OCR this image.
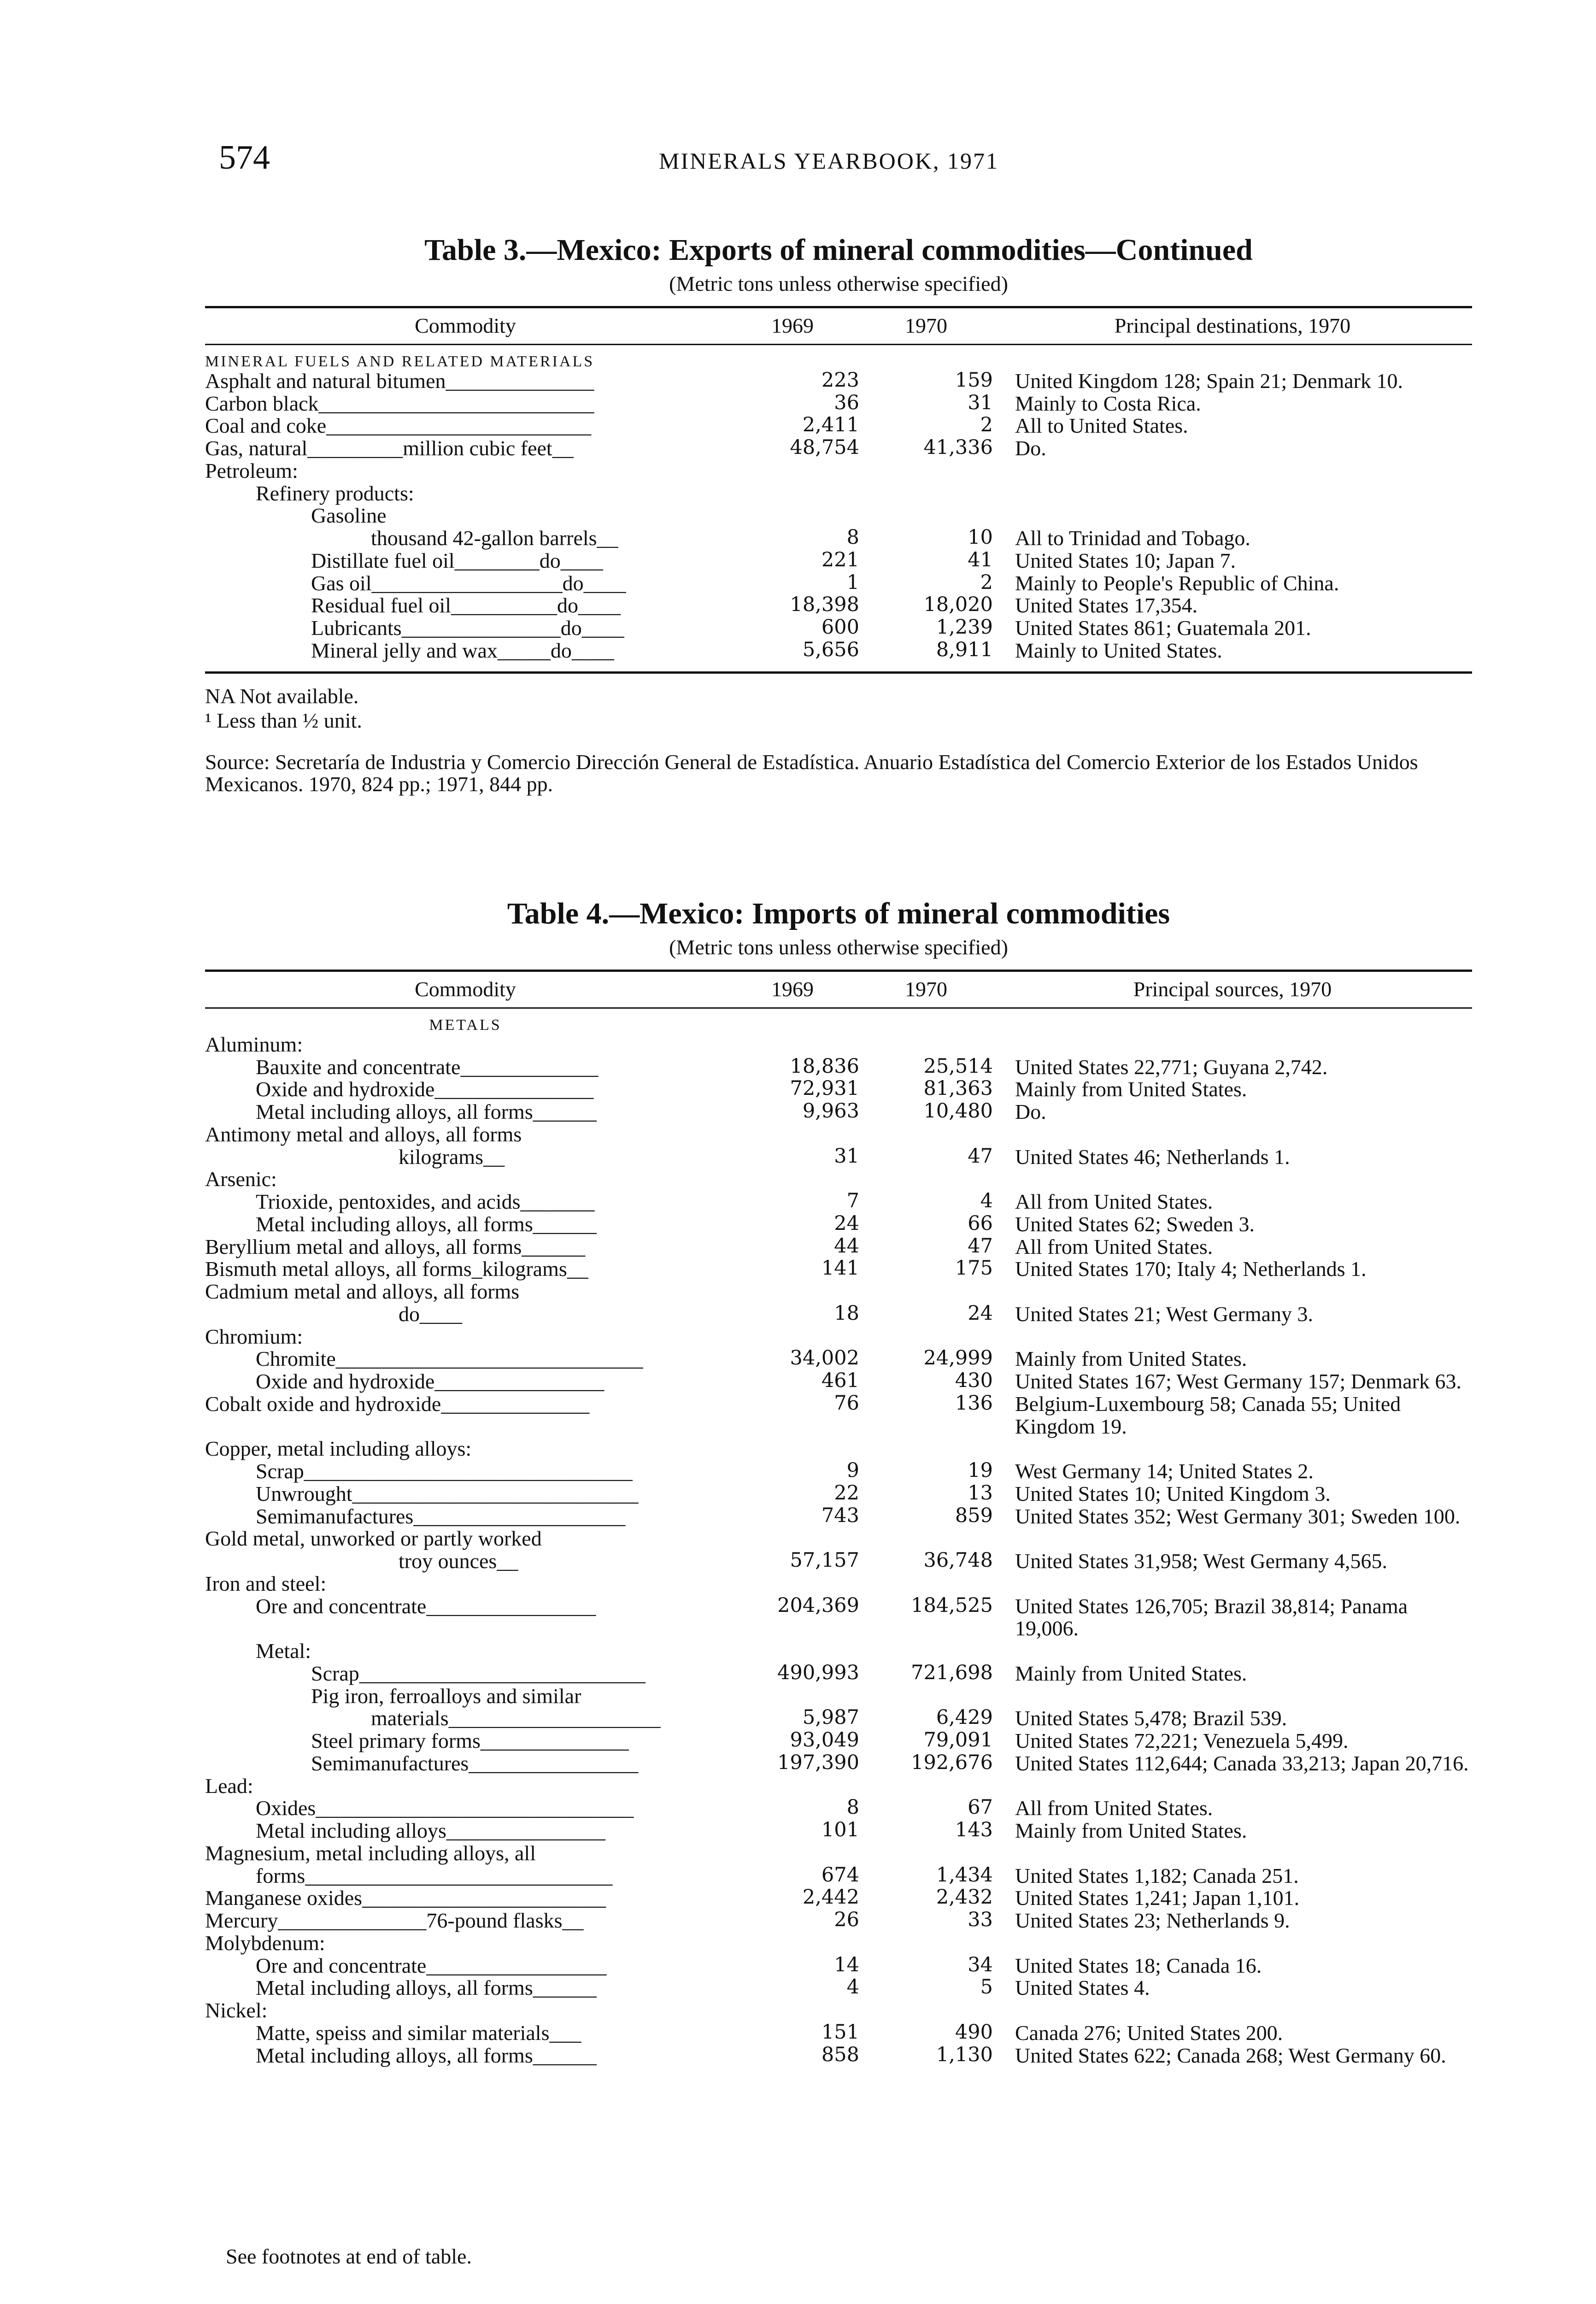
574	MINERALS YEARBOOK, 1971
Table 3.—Mexico: Exports of mineral commodities—Continued
(Metric tons unless otherwise specified)
Commodity	1969	1970	Principal destinations, 1970

MINERAL FUELS AND RELATED MATERIALS			
Asphalt and natural bitumen______________	223	159	United Kingdom 128; Spain 21; Denmark 10.
Carbon black__________________________	36	31	Mainly to Costa Rica.
Coal and coke_________________________	2,411	2	All to United States.
Gas, natural_________million cubic feet__	48,754	41,336	Do.
Petroleum:			
Refinery products:			
Gasoline			
thousand 42-gallon barrels__	8	10	All to Trinidad and Tobago.
Distillate fuel oil________do____	221	41	United States 10; Japan 7.
Gas oil__________________do____	1	2	Mainly to People's Republic of China.
Residual fuel oil__________do____	18,398	18,020	United States 17,354.
Lubricants_______________do____	600	1,239	United States 861; Guatemala 201.
Mineral jelly and wax_____do____	5,656	8,911	Mainly to United States.
NA Not available.
¹ Less than ½ unit.
Source: Secretaría de Industria y Comercio Dirección General de Estadística. Anuario Estadística del Comercio Exterior de los Estados Unidos Mexicanos. 1970, 824 pp.; 1971, 844 pp.
Table 4.—Mexico: Imports of mineral commodities
(Metric tons unless otherwise specified)
Commodity	1969	1970	Principal sources, 1970

METALS			
Aluminum:			
Bauxite and concentrate_____________	18,836	25,514	United States 22,771; Guyana 2,742.
Oxide and hydroxide_______________	72,931	81,363	Mainly from United States.
Metal including alloys, all forms______	9,963	10,480	Do.
Antimony metal and alloys, all forms			
kilograms__	31	47	United States 46; Netherlands 1.
Arsenic:			
Trioxide, pentoxides, and acids_______	7	4	All from United States.
Metal including alloys, all forms______	24	66	United States 62; Sweden 3.
Beryllium metal and alloys, all forms______	44	47	All from United States.
Bismuth metal alloys, all forms_kilograms__	141	175	United States 170; Italy 4; Netherlands 1.
Cadmium metal and alloys, all forms			
do____	18	24	United States 21; West Germany 3.
Chromium:			
Chromite_____________________________	34,002	24,999	Mainly from United States.
Oxide and hydroxide________________	461	430	United States 167; West Germany 157; Denmark 63.
Cobalt oxide and hydroxide______________	76	136	Belgium-Luxembourg 58; Canada 55; United Kingdom 19.
Copper, metal including alloys:			
Scrap_______________________________	9	19	West Germany 14; United States 2.
Unwrought___________________________	22	13	United States 10; United Kingdom 3.
Semimanufactures____________________	743	859	United States 352; West Germany 301; Sweden 100.
Gold metal, unworked or partly worked			
troy ounces__	57,157	36,748	United States 31,958; West Germany 4,565.
Iron and steel:			
Ore and concentrate________________	204,369	184,525	United States 126,705; Brazil 38,814; Panama 19,006.
Metal:			
Scrap___________________________	490,993	721,698	Mainly from United States.
Pig iron, ferroalloys and similar			
materials____________________	5,987	6,429	United States 5,478; Brazil 539.
Steel primary forms______________	93,049	79,091	United States 72,221; Venezuela 5,499.
Semimanufactures________________	197,390	192,676	United States 112,644; Canada 33,213; Japan 20,716.
Lead:			
Oxides______________________________	8	67	All from United States.
Metal including alloys_______________	101	143	Mainly from United States.
Magnesium, metal including alloys, all			
forms_____________________________	674	1,434	United States 1,182; Canada 251.
Manganese oxides_______________________	2,442	2,432	United States 1,241; Japan 1,101.
Mercury______________76-pound flasks__	26	33	United States 23; Netherlands 9.
Molybdenum:			
Ore and concentrate_________________	14	34	United States 18; Canada 16.
Metal including alloys, all forms______	4	5	United States 4.
Nickel:			
Matte, speiss and similar materials___	151	490	Canada 276; United States 200.
Metal including alloys, all forms______	858	1,130	United States 622; Canada 268; West Germany 60.
See footnotes at end of table.
